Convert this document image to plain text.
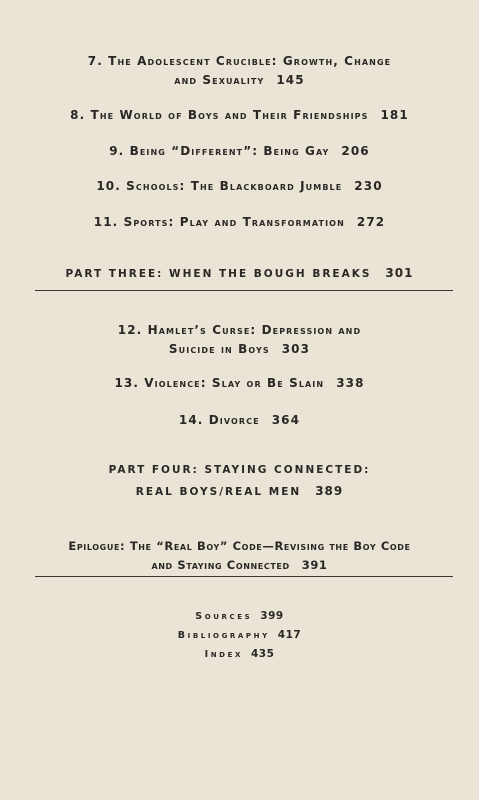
7. The Adolescent Crucible: Growth, Change
and Sexuality 145
8. The World of Boys and Their Friendships 181
9. Being “Different”: Being Gay 206
10. Schools: The Blackboard Jumble 230
11. Sports: Play and Transformation 272
PART THREE: WHEN THE BOUGH BREAKS 301
12. Hamlet’s Curse: Depression and
Suicide in Boys 303
13. Violence: Slay or Be Slain 338
14. Divorce 364
PART FOUR: STAYING CONNECTED:
REAL BOYS/REAL MEN 389
Epilogue: The “Real Boy” Code—Revising the Boy Code
and Staying Connected 391
Sources 399
Bibliography 417
Index 435
